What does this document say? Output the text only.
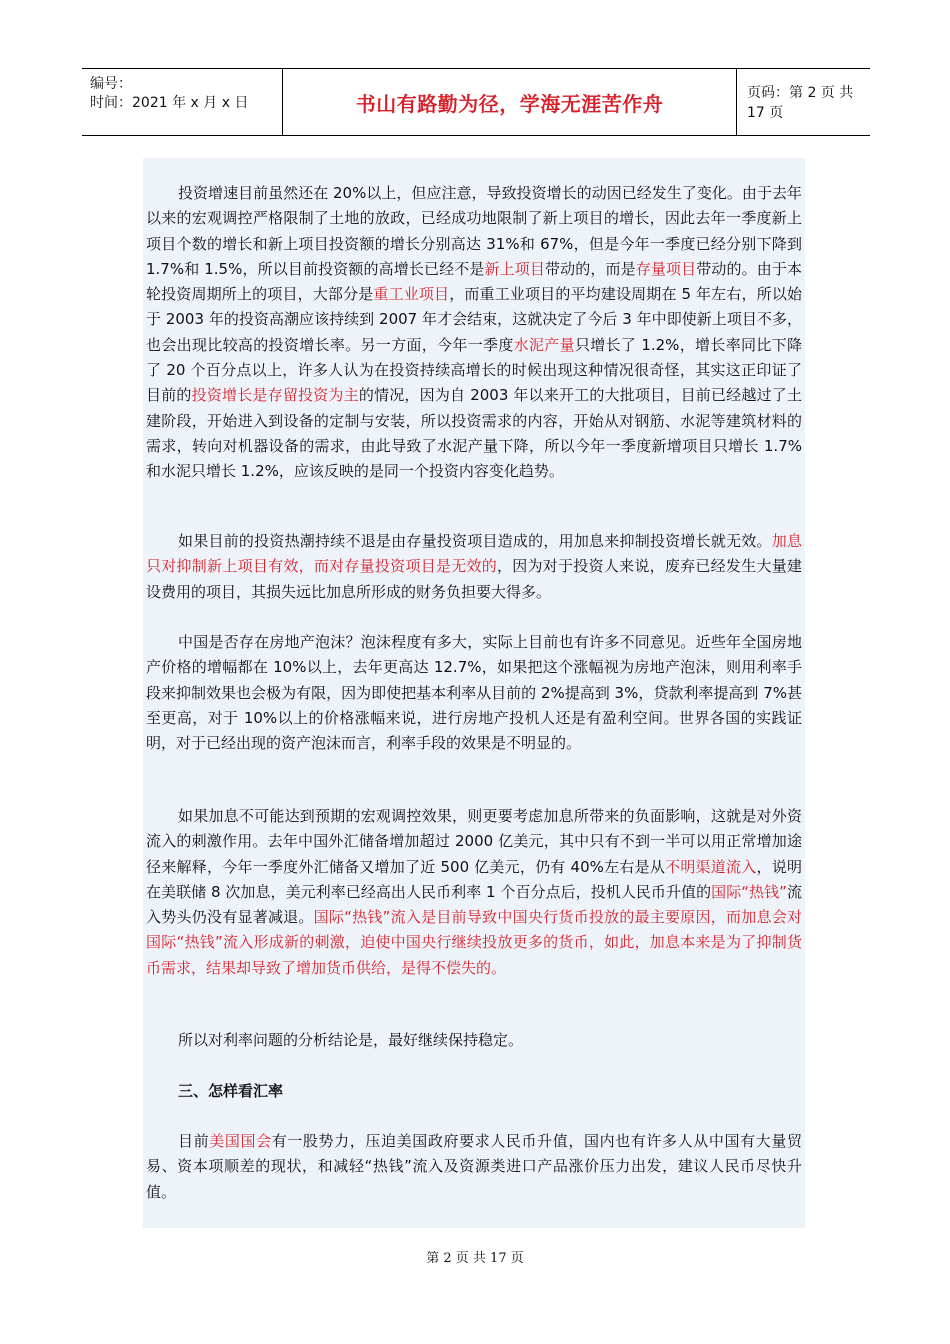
编号：
时间：2021 年 x 月 x 日	书山有路勤为径，学海无涯苦作舟	页码：第 2 页 共 17 页

投资增速目前虽然还在 20%以上，但应注意，导致投资增长的动因已经发生了变化。由于去年以来的宏观调控严格限制了土地的放政，已经成功地限制了新上项目的增长，因此去年一季度新上项目个数的增长和新上项目投资额的增长分别高达 31%和 67%，但是今年一季度已经分别下降到 1.7%和 1.5%，所以目前投资额的高增长已经不是新上项目带动的，而是存量项目带动的。由于本轮投资周期所上的项目，大部分是重工业项目，而重工业项目的平均建设周期在 5 年左右，所以始于 2003 年的投资高潮应该持续到 2007 年才会结束，这就决定了今后 3 年中即使新上项目不多，也会出现比较高的投资增长率。另一方面，今年一季度水泥产量只增长了 1.2%，增长率同比下降了 20 个百分点以上，许多人认为在投资持续高增长的时候出现这种情况很奇怪，其实这正印证了目前的投资增长是存留投资为主的情况，因为自 2003 年以来开工的大批项目，目前已经越过了土建阶段，开始进入到设备的定制与安装，所以投资需求的内容，开始从对钢筋、水泥等建筑材料的需求，转向对机器设备的需求，由此导致了水泥产量下降，所以今年一季度新增项目只增长 1.7%和水泥只增长 1.2%，应该反映的是同一个投资内容变化趋势。

如果目前的投资热潮持续不退是由存量投资项目造成的，用加息来抑制投资增长就无效。加息只对抑制新上项目有效，而对存量投资项目是无效的，因为对于投资人来说，废弃已经发生大量建设费用的项目，其损失远比加息所形成的财务负担要大得多。

中国是否存在房地产泡沫？泡沫程度有多大，实际上目前也有许多不同意见。近些年全国房地产价格的增幅都在 10%以上，去年更高达 12.7%，如果把这个涨幅视为房地产泡沫，则用利率手段来抑制效果也会极为有限，因为即使把基本利率从目前的 2%提高到 3%，贷款利率提高到 7%甚至更高，对于 10%以上的价格涨幅来说，进行房地产投机人还是有盈利空间。世界各国的实践证明，对于已经出现的资产泡沫而言，利率手段的效果是不明显的。

如果加息不可能达到预期的宏观调控效果，则更要考虑加息所带来的负面影响，这就是对外资流入的刺激作用。去年中国外汇储备增加超过 2000 亿美元，其中只有不到一半可以用正常增加途径来解释，今年一季度外汇储备又增加了近 500 亿美元，仍有 40%左右是从不明渠道流入，说明在美联储 8 次加息，美元利率已经高出人民币利率 1 个百分点后，投机人民币升值的国际“热钱”流入势头仍没有显著减退。国际“热钱”流入是目前导致中国央行货币投放的最主要原因，而加息会对国际“热钱”流入形成新的刺激，迫使中国央行继续投放更多的货币，如此，加息本来是为了抑制货币需求，结果却导致了增加货币供给，是得不偿失的。

所以对利率问题的分析结论是，最好继续保持稳定。

三、怎样看汇率

目前美国国会有一股势力，压迫美国政府要求人民币升值，国内也有许多人从中国有大量贸易、资本项顺差的现状，和减轻“热钱”流入及资源类进口产品涨价压力出发，建议人民币尽快升值。

第 2 页 共 17 页
